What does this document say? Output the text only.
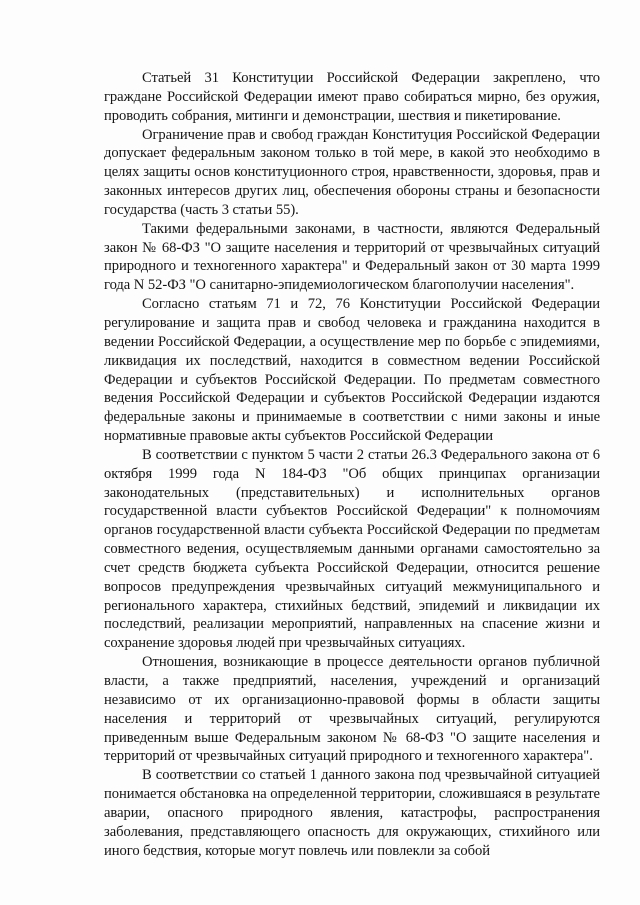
Статьей 31 Конституции Российской Федерации закреплено, что граждане Российской Федерации имеют право собираться мирно, без оружия, проводить собрания, митинги и демонстрации, шествия и пикетирование.

Ограничение прав и свобод граждан Конституция Российской Федерации допускает федеральным законом только в той мере, в какой это необходимо в целях защиты основ конституционного строя, нравственности, здоровья, прав и законных интересов других лиц, обеспечения обороны страны и безопасности государства (часть 3 статьи 55).

Такими федеральными законами, в частности, являются Федеральный закон № 68-ФЗ "О защите населения и территорий от чрезвычайных ситуаций природного и техногенного характера" и Федеральный закон от 30 марта 1999 года N 52-ФЗ "О санитарно-эпидемиологическом благополучии населения".

Согласно статьям 71 и 72, 76 Конституции Российской Федерации регулирование и защита прав и свобод человека и гражданина находится в ведении Российской Федерации, а осуществление мер по борьбе с эпидемиями, ликвидация их последствий, находится в совместном ведении Российской Федерации и субъектов Российской Федерации. По предметам совместного ведения Российской Федерации и субъектов Российской Федерации издаются федеральные законы и принимаемые в соответствии с ними законы и иные нормативные правовые акты субъектов Российской Федерации

В соответствии с пунктом 5 части 2 статьи 26.3 Федерального закона от 6 октября 1999 года N 184-ФЗ "Об общих принципах организации законодательных (представительных) и исполнительных органов государственной власти субъектов Российской Федерации" к полномочиям органов государственной власти субъекта Российской Федерации по предметам совместного ведения, осуществляемым данными органами самостоятельно за счет средств бюджета субъекта Российской Федерации, относится решение вопросов предупреждения чрезвычайных ситуаций межмуниципального и регионального характера, стихийных бедствий, эпидемий и ликвидации их последствий, реализации мероприятий, направленных на спасение жизни и сохранение здоровья людей при чрезвычайных ситуациях.

Отношения, возникающие в процессе деятельности органов публичной власти, а также предприятий, населения, учреждений и организаций независимо от их организационно-правовой формы в области защиты населения и территорий от чрезвычайных ситуаций, регулируются приведенным выше Федеральным законом № 68-ФЗ "О защите населения и территорий от чрезвычайных ситуаций природного и техногенного характера".

В соответствии со статьей 1 данного закона под чрезвычайной ситуацией понимается обстановка на определенной территории, сложившаяся в результате аварии, опасного природного явления, катастрофы, распространения заболевания, представляющего опасность для окружающих, стихийного или иного бедствия, которые могут повлечь или повлекли за собой
